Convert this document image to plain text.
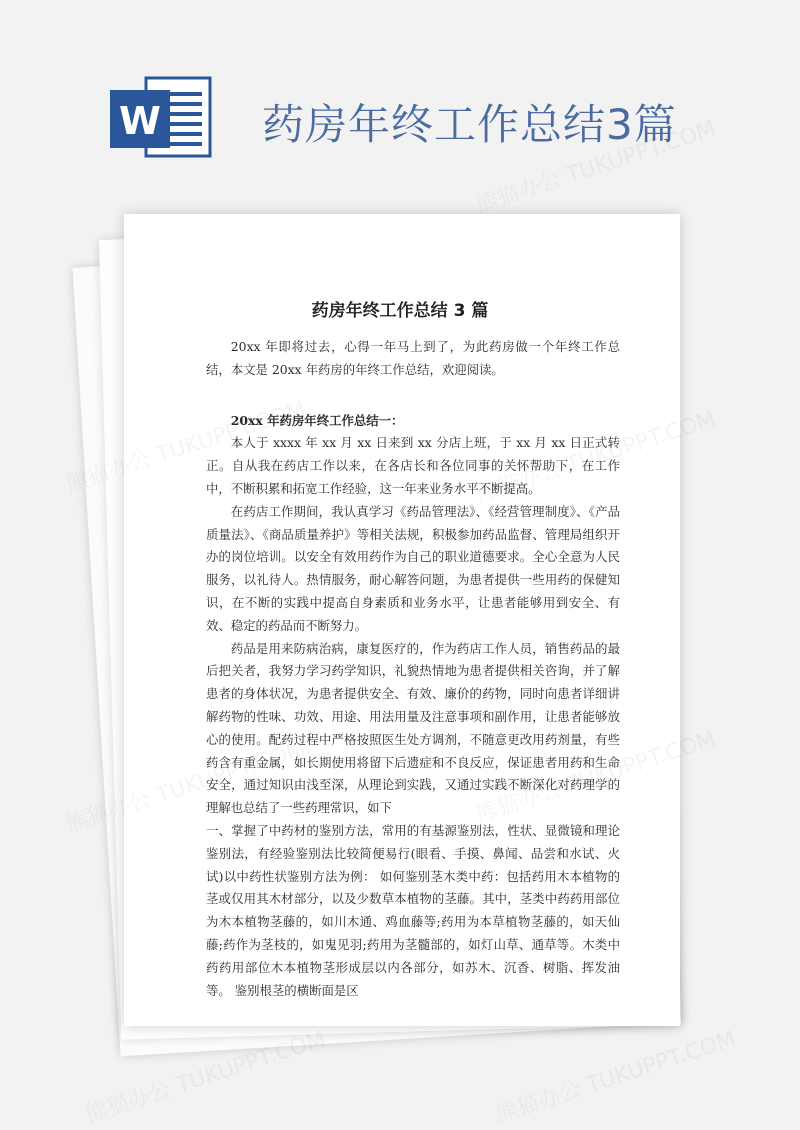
W 药房年终工作总结3篇
药房年终工作总结 3 篇

20xx 年即将过去，心得一年马上到了，为此药房做一个年终工作总结，本文是 20xx 年药房的年终工作总结，欢迎阅读。

20xx 年药房年终工作总结一：

本人于 xxxx 年 xx 月 xx 日来到 xx 分店上班，于 xx 月 xx 日正式转正。自从我在药店工作以来，在各店长和各位同事的关怀帮助下，在工作中，不断积累和拓宽工作经验，这一年来业务水平不断提高。

在药店工作期间，我认真学习《药品管理法》、《经营管理制度》、《产品质量法》、《商品质量养护》等相关法规，积极参加药品监督、管理局组织开办的岗位培训。以安全有效用药作为自己的职业道德要求。全心全意为人民服务，以礼待人。热情服务，耐心解答问题，为患者提供一些用药的保健知识，在不断的实践中提高自身素质和业务水平，让患者能够用到安全、有效、稳定的药品而不断努力。

药品是用来防病治病，康复医疗的，作为药店工作人员，销售药品的最后把关者，我努力学习药学知识，礼貌热情地为患者提供相关咨询，并了解患者的身体状况，为患者提供安全、有效、廉价的药物，同时向患者详细讲解药物的性味、功效、用途、用法用量及注意事项和副作用，让患者能够放心的使用。配药过程中严格按照医生处方调剂，不随意更改用药剂量，有些药含有重金属，如长期使用将留下后遗症和不良反应，保证患者用药和生命安全，通过知识由浅至深，从理论到实践，又通过实践不断深化对药理学的理解也总结了一些药理常识，如下

一、掌握了中药材的鉴别方法，常用的有基源鉴别法，性状、显微镜和理论鉴别法，有经验鉴别法比较简便易行(眼看、手摸、鼻闻、品尝和水试、火试)以中药性状鉴别方法为例： 如何鉴别茎木类中药：包括药用木本植物的茎或仅用其木材部分，以及少数草本植物的茎藤。其中，茎类中药药用部位为木本植物茎藤的，如川木通、鸡血藤等;药用为本草植物茎藤的，如天仙藤;药作为茎枝的，如鬼见羽;药用为茎髓部的，如灯山草、通草等。木类中药药用部位木本植物茎形成层以内各部分，如苏木、沉香、树脂、挥发油等。 鉴别根茎的横断面是区
